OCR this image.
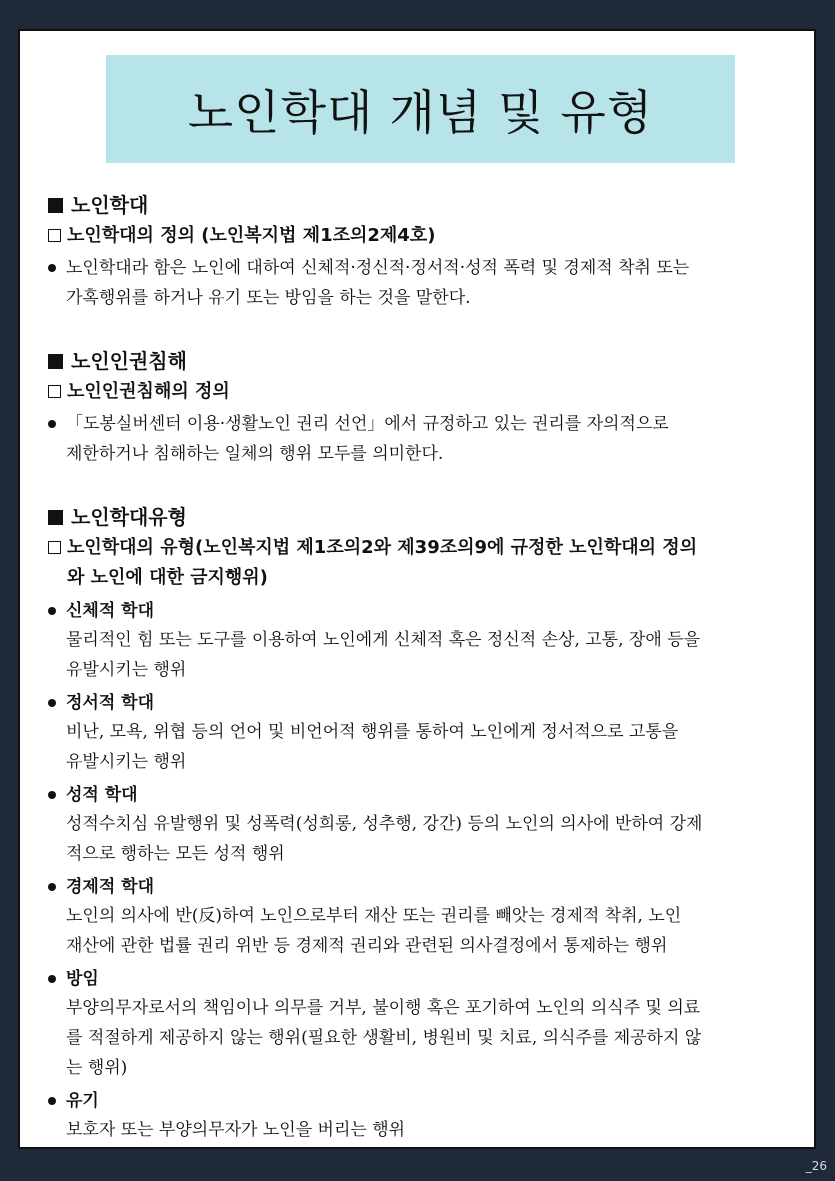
노인학대 개념 및 유형
노인학대
노인학대의 정의 (노인복지법 제1조의2제4호)
노인학대라 함은 노인에 대하여 신체적·정신적·정서적·성적 폭력 및 경제적 착취 또는
가혹행위를 하거나 유기 또는 방임을 하는 것을 말한다.
노인인권침해
노인인권침해의 정의
「도봉실버센터 이용·생활노인 권리 선언」에서 규정하고 있는 권리를 자의적으로
제한하거나 침해하는 일체의 행위 모두를 의미한다.
노인학대유형
노인학대의 유형(노인복지법 제1조의2와 제39조의9에 규정한 노인학대의 정의
와 노인에 대한 금지행위)
신체적 학대
물리적인 힘 또는 도구를 이용하여 노인에게 신체적 혹은 정신적 손상, 고통, 장애 등을
유발시키는 행위
정서적 학대
비난, 모욕, 위협 등의 언어 및 비언어적 행위를 통하여 노인에게 정서적으로 고통을
유발시키는 행위
성적 학대
성적수치심 유발행위 및 성폭력(성희롱, 성추행, 강간) 등의 노인의 의사에 반하여 강제
적으로 행하는 모든 성적 행위
경제적 학대
노인의 의사에 반(反)하여 노인으로부터 재산 또는 권리를 빼앗는 경제적 착취, 노인
재산에 관한 법률 권리 위반 등 경제적 권리와 관련된 의사결정에서 통제하는 행위
방임
부양의무자로서의 책임이나 의무를 거부, 불이행 혹은 포기하여 노인의 의식주 및 의료
를 적절하게 제공하지 않는 행위(필요한 생활비, 병원비 및 치료, 의식주를 제공하지 않
는 행위)
유기
보호자 또는 부양의무자가 노인을 버리는 행위
_26
